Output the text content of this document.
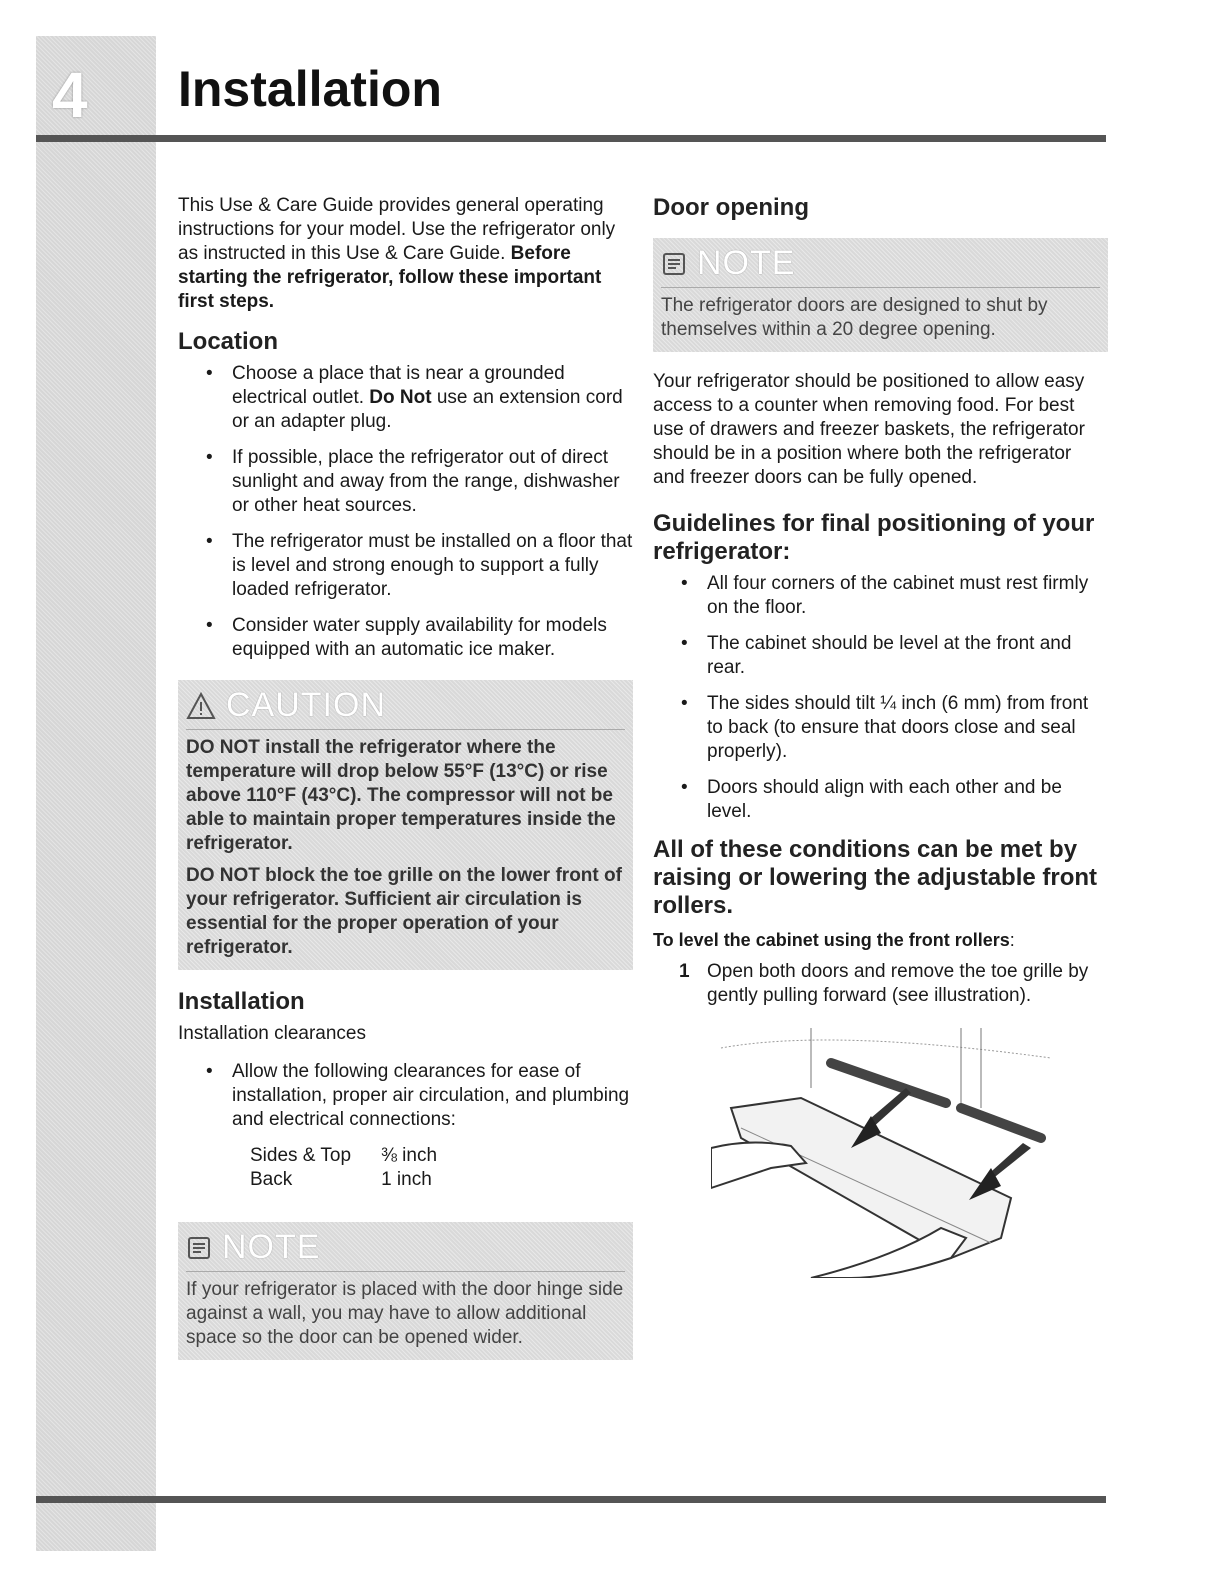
4 Installation

This Use & Care Guide provides general operating instructions for your model. Use the refrigerator only as instructed in this Use & Care Guide. Before starting the refrigerator, follow these important first steps.

Location
• Choose a place that is near a grounded electrical outlet. Do Not use an extension cord or an adapter plug.
• If possible, place the refrigerator out of direct sunlight and away from the range, dishwasher or other heat sources.
• The refrigerator must be installed on a floor that is level and strong enough to support a fully loaded refrigerator.
• Consider water supply availability for models equipped with an automatic ice maker.
CAUTION
DO NOT install the refrigerator where the temperature will drop below 55°F (13°C) or rise above 110°F (43°C). The compressor will not be able to maintain proper temperatures inside the refrigerator.
DO NOT block the toe grille on the lower front of your refrigerator. Sufficient air circulation is essential for the proper operation of your refrigerator.
Installation

Installation clearances

• Allow the following clearances for ease of installation, proper air circulation, and plumbing and electrical connections:
Sides & Top	⅜ inch
Back	1 inch
NOTE
If your refrigerator is placed with the door hinge side against a wall, you may have to allow additional space so the door can be opened wider.
Door opening
NOTE
The refrigerator doors are designed to shut by themselves within a 20 degree opening.

Your refrigerator should be positioned to allow easy access to a counter when removing food. For best use of drawers and freezer baskets, the refrigerator should be in a position where both the refrigerator and freezer doors can be fully opened.

Guidelines for final positioning of your refrigerator:
• All four corners of the cabinet must rest firmly on the floor.
• The cabinet should be level at the front and rear.
• The sides should tilt ¼ inch (6 mm) from front to back (to ensure that doors close and seal properly).
• Doors should align with each other and be level.
All of these conditions can be met by raising or lowering the adjustable front rollers.

To level the cabinet using the front rollers:

1 Open both doors and remove the toe grille by gently pulling forward (see illustration).
